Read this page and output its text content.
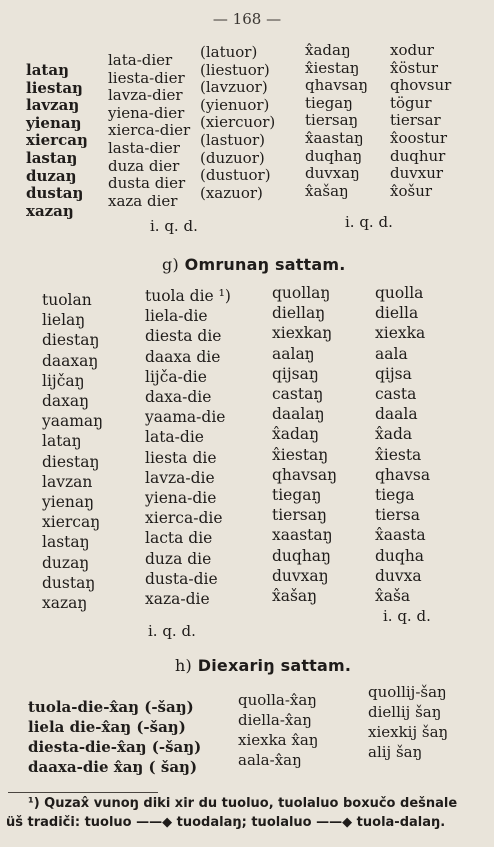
— 168 —
lataŋ
liestaŋ
lavzaŋ
yienaŋ
xiercaŋ
lastaŋ
duzaŋ
dustaŋ
xazaŋ
lata-dier
liesta-dier
lavza-dier
yiena-dier
xierca-dier
lasta-dier
duza dier
dusta dier
xaza dier
(latuor)
(liestuor)
(lavzuor)
(yienuor)
(xiercuor)
(lastuor)
(duzuor)
(dustuor)
(xazuor)
x̂adaŋ
x̂iestaŋ
qhavsaŋ
tiegaŋ
tiersaŋ
x̂aastaŋ
duqhaŋ
duvxaŋ
x̂ašaŋ
xodur
x̂östur
qhovsur
tögur
tiersar
x̂oostur
duqhur
duvxur
x̂ošur
i. q. d.	i. q. d.
g) Omrunaŋ sattam.
tuolan
lielaŋ
diestaŋ
daaxaŋ
lijčaŋ
daxaŋ
yaamaŋ
lataŋ
diestaŋ
lavzan
yienaŋ
xiercaŋ
lastaŋ
duzaŋ
dustaŋ
xazaŋ
tuola die ¹)
liela-die
diesta die
daaxa die
lijča-die
daxa-die
yaama-die
lata-die
liesta die
lavza-die
yiena-die
xierca-die
lacta die
duza die
dusta-die
xaza-die
quollaŋ
diellaŋ
xiexkaŋ
aalaŋ
qijsaŋ
castaŋ
daalaŋ
x̂adaŋ
x̂iestaŋ
qhavsaŋ
tiegaŋ
tiersaŋ
xaastaŋ
duqhaŋ
duvxaŋ
x̂ašaŋ
quolla
diella
xiexka
aala
qijsa
casta
daala
x̂ada
x̂iesta
qhavsa
tiega
tiersa
x̂aasta
duqha
duvxa
x̂aša
i. q. d.
i. q. d.
h) Diexariŋ sattam.
tuola-die-x̂aŋ (-šaŋ)
liela die-x̂aŋ (-šaŋ)
diesta-die-x̂aŋ (-šaŋ)
daaxa-die x̂aŋ ( šaŋ)
quolla-x̂aŋ
diella-x̂aŋ
xiexka x̂aŋ
aala-x̂aŋ
quollij-šaŋ
diellij šaŋ
xiexkij šaŋ
alij šaŋ
¹) Quzax̂ vunoŋ diki xir du tuoluo, tuolaluo boxučo dešnale
üš tradiči: tuoluo ——◆ tuodalaŋ; tuolaluo ——◆ tuola-dalaŋ.
